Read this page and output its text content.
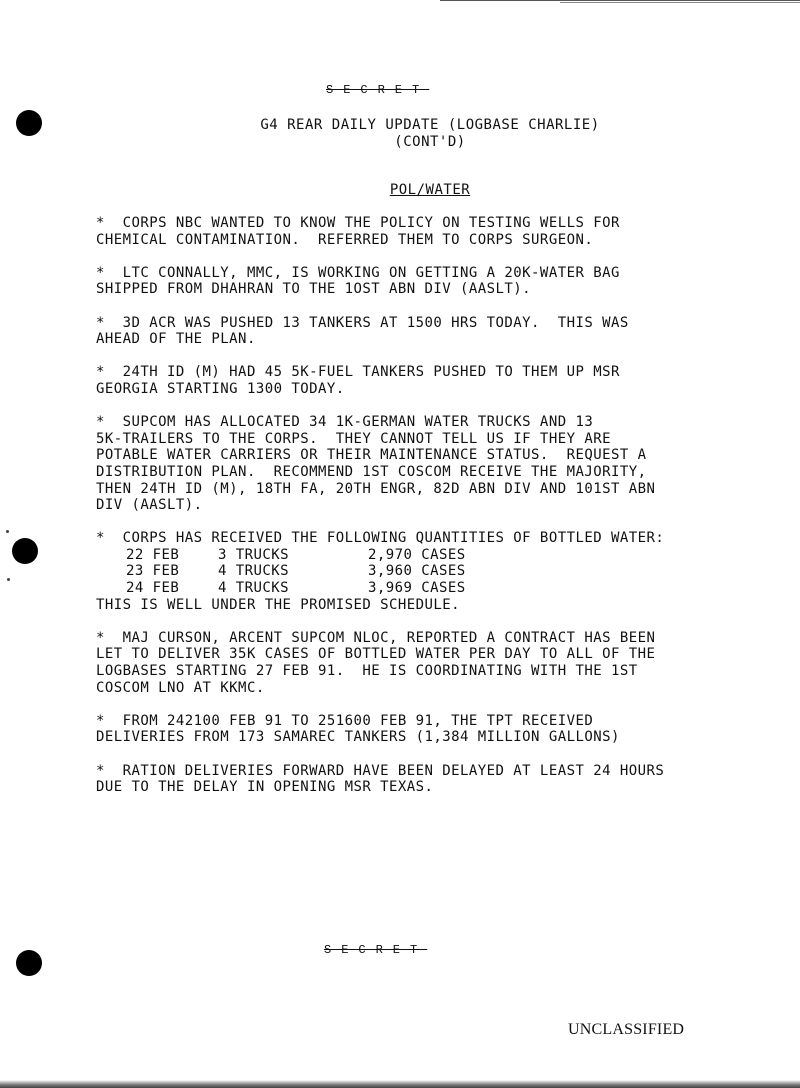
SECRET
G4 REAR DAILY UPDATE (LOGBASE CHARLIE)
(CONT'D)
POL/WATER

*  CORPS NBC WANTED TO KNOW THE POLICY ON TESTING WELLS FOR
CHEMICAL CONTAMINATION.  REFERRED THEM TO CORPS SURGEON.

*  LTC CONNALLY, MMC, IS WORKING ON GETTING A 20K-WATER BAG
SHIPPED FROM DHAHRAN TO THE 1OST ABN DIV (AASLT).

*  3D ACR WAS PUSHED 13 TANKERS AT 1500 HRS TODAY.  THIS WAS
AHEAD OF THE PLAN.

*  24TH ID (M) HAD 45 5K-FUEL TANKERS PUSHED TO THEM UP MSR
GEORGIA STARTING 1300 TODAY.

*  SUPCOM HAS ALLOCATED 34 1K-GERMAN WATER TRUCKS AND 13
5K-TRAILERS TO THE CORPS.  THEY CANNOT TELL US IF THEY ARE
POTABLE WATER CARRIERS OR THEIR MAINTENANCE STATUS.  REQUEST A
DISTRIBUTION PLAN.  RECOMMEND 1ST COSCOM RECEIVE THE MAJORITY,
THEN 24TH ID (M), 18TH FA, 20TH ENGR, 82D ABN DIV AND 101ST ABN
DIV (AASLT).

*  CORPS HAS RECEIVED THE FOLLOWING QUANTITIES OF BOTTLED WATER:
22 FEB	3 TRUCKS	2,970 CASES
23 FEB	4 TRUCKS	3,960 CASES
24 FEB	4 TRUCKS	3,969 CASES
THIS IS WELL UNDER THE PROMISED SCHEDULE.

*  MAJ CURSON, ARCENT SUPCOM NLOC, REPORTED A CONTRACT HAS BEEN
LET TO DELIVER 35K CASES OF BOTTLED WATER PER DAY TO ALL OF THE
LOGBASES STARTING 27 FEB 91.  HE IS COORDINATING WITH THE 1ST
COSCOM LNO AT KKMC.

*  FROM 242100 FEB 91 TO 251600 FEB 91, THE TPT RECEIVED
DELIVERIES FROM 173 SAMAREC TANKERS (1,384 MILLION GALLONS)

*  RATION DELIVERIES FORWARD HAVE BEEN DELAYED AT LEAST 24 HOURS
DUE TO THE DELAY IN OPENING MSR TEXAS.

SECRET
UNCLASSIFIED
